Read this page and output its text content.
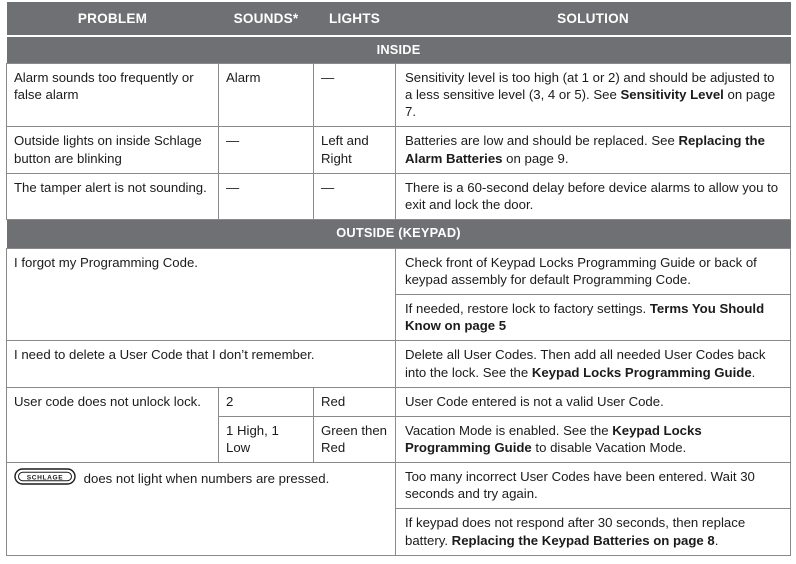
PROBLEM	SOUNDS*	LIGHTS	SOLUTION
INSIDE			
Alarm sounds too frequently or false alarm	Alarm	—	Sensitivity level is too high (at 1 or 2) and should be adjusted to a less sensitive level (3, 4 or 5). See Sensitivity Level on page 7.
Outside lights on inside Schlage button are blinking	—	Left and Right	Batteries are low and should be replaced. See Replacing the Alarm Batteries on page 9.
The tamper alert is not sounding.	—	—	There is a 60-second delay before device alarms to allow you to exit and lock the door.
OUTSIDE (KEYPAD)			
I forgot my Programming Code.			Check front of Keypad Locks Programming Guide or back of keypad assembly for default Programming Code.
			If needed, restore lock to factory settings. Terms You Should Know on page 5
I need to delete a User Code that I don’t remember.			Delete all User Codes. Then add all needed User Codes back into the lock. See the Keypad Locks Programming Guide.
User code does not unlock lock.	2	Red	User Code entered is not a valid User Code.
	1 High, 1 Low	Green then Red	Vacation Mode is enabled. See the Keypad Locks Programming Guide to disable Vacation Mode.

SCHLAGE does not light when numbers are pressed.			Too many incorrect User Codes have been entered. Wait 30 seconds and try again.
			If keypad does not respond after 30 seconds, then replace battery. Replacing the Keypad Batteries on page 8.
